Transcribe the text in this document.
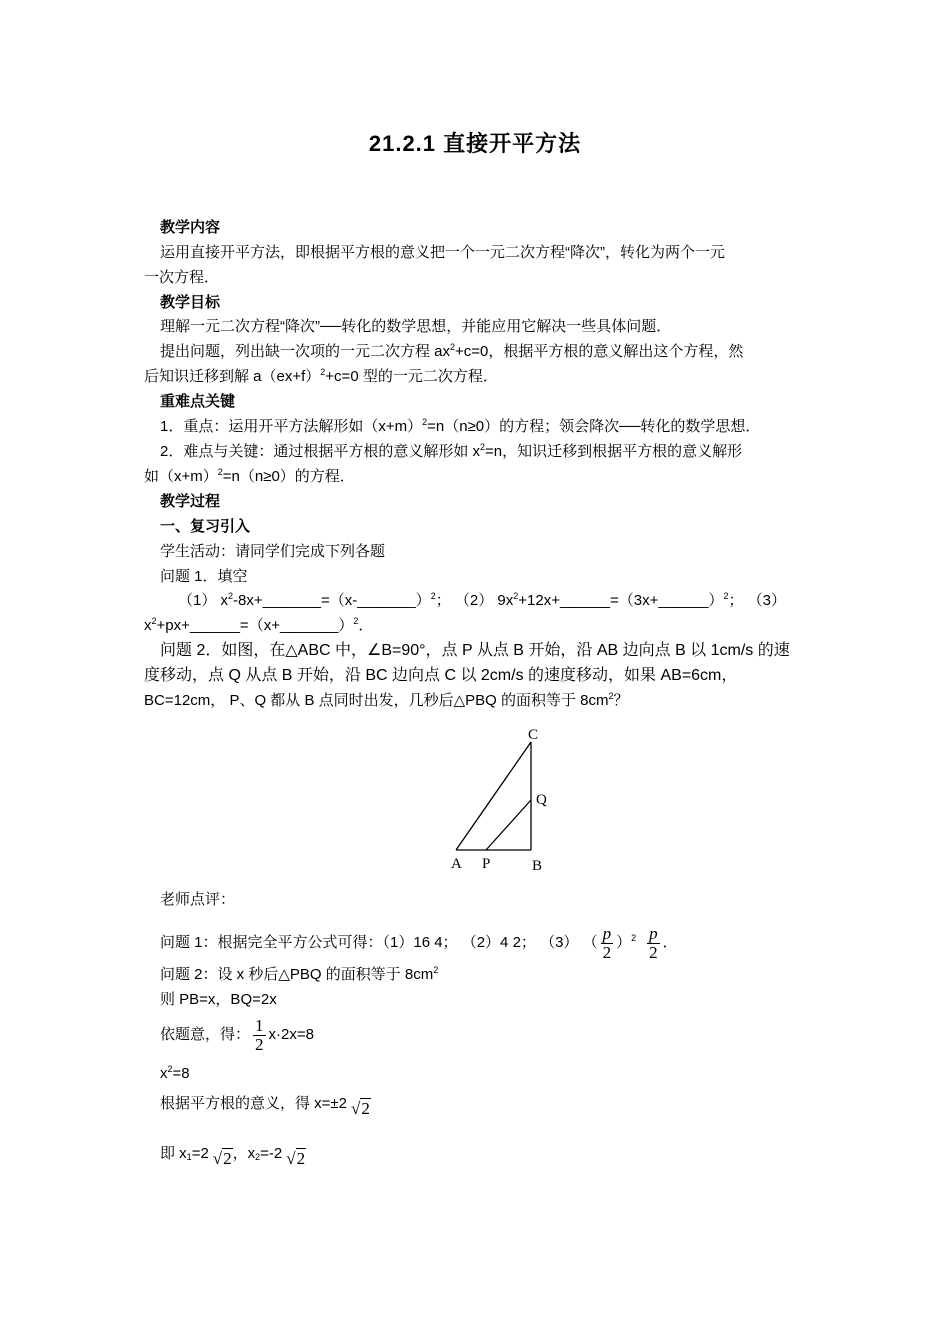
21.2.1 直接开平方法
教学内容
运用直接开平方法，即根据平方根的意义把一个一元二次方程“降次”，转化为两个一元
一次方程．
教学目标
理解一元二次方程“降次”──转化的数学思想，并能应用它解决一些具体问题．
提出问题，列出缺一次项的一元二次方程 $ax^2+c=0$，根据平方根的意义解出这个方程，然
后知识迁移到解 $a(ex+f)^2+c=0$ 型的一元二次方程．
重难点关键
1．重点：运用开平方法解形如$(x+m)^2=n(n\ge 0)$的方程；领会降次──转化的数学思想．
2．难点与关键：通过根据平方根的意义解形如 $x^2=n$，知识迁移到根据平方根的意义解形
如$(x+m)^2=n(n\ge 0)$的方程．
教学过程
一、复习引入
学生活动：请同学们完成下列各题
问题 1．填空
（1） $x^2-8x+\_\_\_\_\_\_\_=(x-\_\_\_\_\_\_\_)^2$； （2） $9x^2+12x+\_\_\_\_\_\_=(3x+\_\_\_\_\_\_)^2$； （3）
$x^2+px+\_\_\_\_\_\_=(x+\_\_\_\_\_\_\_)^2$．
问题 2．如图，在△ABC 中，∠B=90°，点 P 从点 B 开始，沿 AB 边向点 B 以 1cm/s 的速
度移动，点 Q 从点 B 开始，沿 BC 边向点 C 以 2cm/s 的速度移动，如果 AB=6cm，
BC=12cm， P、Q 都从 B 点同时出发，几秒后△PBQ 的面积等于 $8cm^2$？
C
Q
A P	B
老师点评：
问题 1：根据完全平方公式可得：（1）16 4； （2）4 2； （3） （ $\frac{p}{2} )^2 \frac{p}{2}$ ．
问题 2：设 x 秒后△PBQ 的面积等于 $8cm^2$
则 PB=x，BQ=2x
依题意，得： $\frac{1}{2} x\cdot 2x=8$
$x^2=8$
根据平方根的意义，得 x=±2 √2
即 $x_1=2$ √2，$x_2=-2$ √2
